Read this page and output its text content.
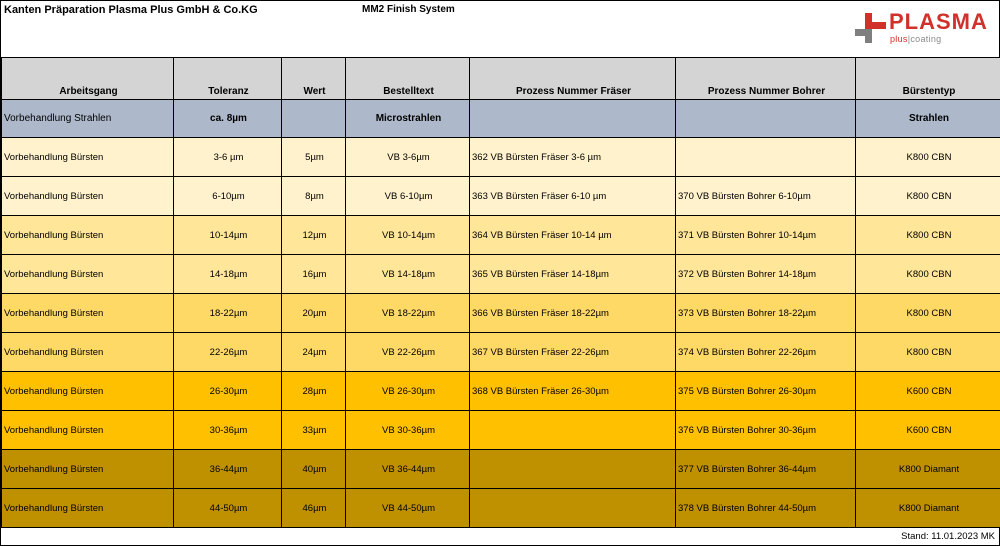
Kanten Präparation Plasma Plus GmbH & Co.KG	MM2 Finish System	PLASMA
plus|coating
Arbeitsgang	Toleranz	Wert	Bestelltext	Prozess Nummer Fräser	Prozess Nummer Bohrer	Bürstentyp
Vorbehandlung Strahlen	ca. 8µm		Microstrahlen			Strahlen
Vorbehandlung Bürsten	3-6 µm	5µm	VB 3-6µm	362 VB Bürsten Fräser 3-6 µm		K800 CBN
Vorbehandlung Bürsten	6-10µm	8µm	VB 6-10µm	363 VB Bürsten Fräser 6-10 µm	370 VB Bürsten Bohrer 6-10µm	K800 CBN
Vorbehandlung Bürsten	10-14µm	12µm	VB 10-14µm	364 VB Bürsten Fräser 10-14 µm	371 VB Bürsten Bohrer 10-14µm	K800 CBN
Vorbehandlung Bürsten	14-18µm	16µm	VB 14-18µm	365 VB Bürsten Fräser 14-18µm	372 VB Bürsten Bohrer 14-18µm	K800 CBN
Vorbehandlung Bürsten	18-22µm	20µm	VB 18-22µm	366 VB Bürsten Fräser 18-22µm	373 VB Bürsten Bohrer 18-22µm	K800 CBN
Vorbehandlung Bürsten	22-26µm	24µm	VB 22-26µm	367 VB Bürsten Fräser 22-26µm	374 VB Bürsten Bohrer 22-26µm	K800 CBN
Vorbehandlung Bürsten	26-30µm	28µm	VB 26-30µm	368 VB Bürsten Fräser 26-30µm	375 VB Bürsten Bohrer 26-30µm	K600 CBN
Vorbehandlung Bürsten	30-36µm	33µm	VB 30-36µm		376 VB Bürsten Bohrer 30-36µm	K600 CBN
Vorbehandlung Bürsten	36-44µm	40µm	VB 36-44µm		377 VB Bürsten Bohrer 36-44µm	K800 Diamant
Vorbehandlung Bürsten	44-50µm	46µm	VB 44-50µm		378 VB Bürsten Bohrer 44-50µm	K800 Diamant
Stand: 11.01.2023 MK
